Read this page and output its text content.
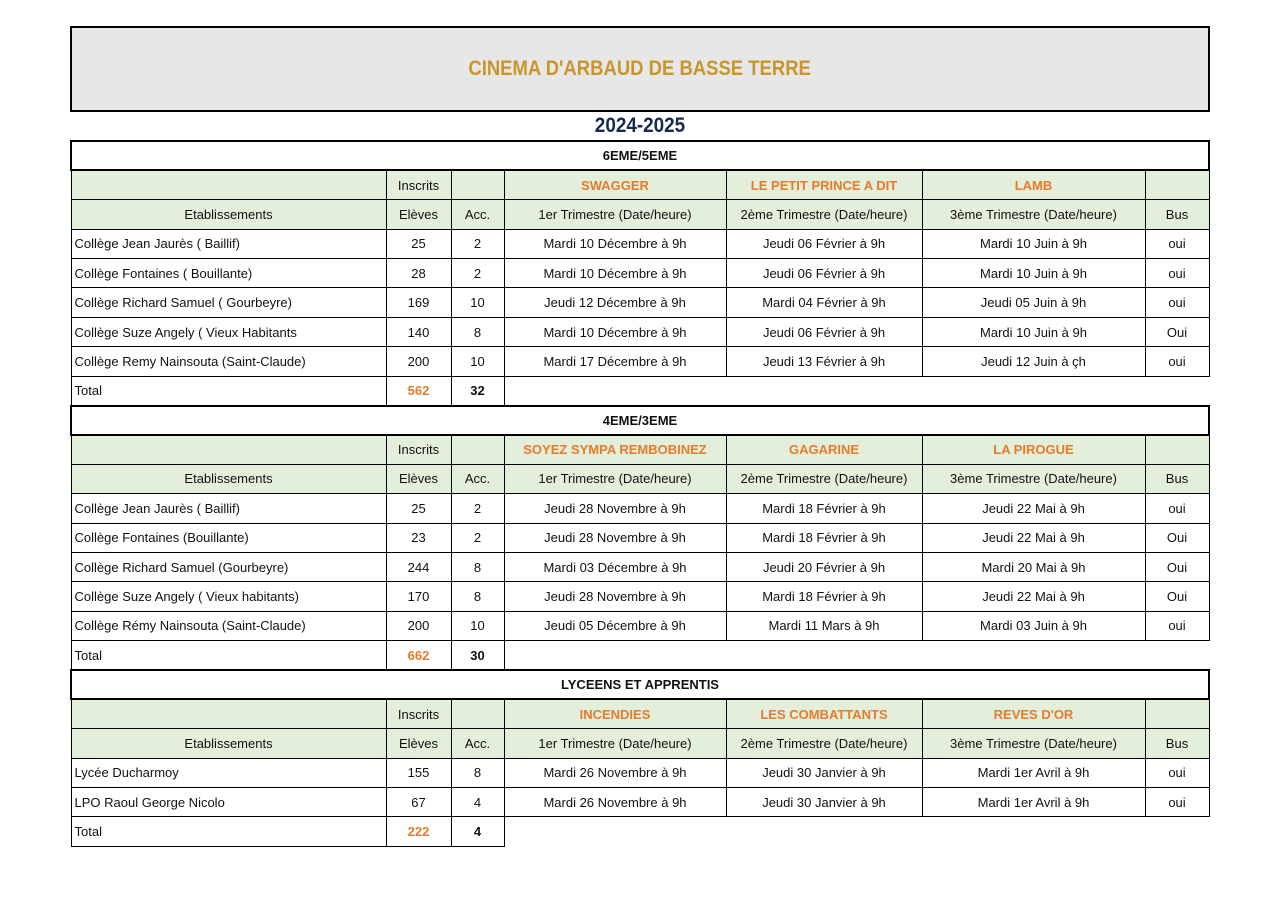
CINEMA D'ARBAUD DE BASSE TERRE
2024-2025
6EME/5EME						
	Inscrits		SWAGGER	LE PETIT PRINCE A DIT	LAMB	
Etablissements	Elèves	Acc.	1er Trimestre (Date/heure)	2ème Trimestre (Date/heure)	3ème Trimestre (Date/heure)	Bus
Collège Jean Jaurès ( Baillif)	25	2	Mardi 10 Décembre à 9h	Jeudi 06 Février à 9h	Mardi 10 Juin à 9h	oui
Collège Fontaines ( Bouillante)	28	2	Mardi 10 Décembre à 9h	Jeudi 06 Février à 9h	Mardi 10 Juin à 9h	oui
Collège Richard Samuel ( Gourbeyre)	169	10	Jeudi 12 Décembre à 9h	Mardi 04 Février à 9h	Jeudi 05 Juin à 9h	oui
Collège Suze Angely ( Vieux Habitants	140	8	Mardi 10 Décembre à 9h	Jeudi 06 Février à 9h	Mardi 10 Juin à 9h	Oui
Collège Remy Nainsouta (Saint-Claude)	200	10	Mardi 17 Décembre à 9h	Jeudi 13 Février à 9h	Jeudi 12 Juin à çh	oui
Total	562	32				
4EME/3EME						
	Inscrits		SOYEZ SYMPA REMBOBINEZ	GAGARINE	LA PIROGUE	
Etablissements	Elèves	Acc.	1er Trimestre (Date/heure)	2ème Trimestre (Date/heure)	3ème Trimestre (Date/heure)	Bus
Collège Jean Jaurès ( Baillif)	25	2	Jeudi 28 Novembre à 9h	Mardi 18 Février à 9h	Jeudi 22 Mai à 9h	oui
Collège Fontaines (Bouillante)	23	2	Jeudi 28 Novembre à 9h	Mardi 18 Février à 9h	Jeudi 22 Mai à 9h	Oui
Collège Richard Samuel (Gourbeyre)	244	8	Mardi 03 Décembre à 9h	Jeudi 20 Février à 9h	Mardi 20 Mai à 9h	Oui
Collège Suze Angely ( Vieux habitants)	170	8	Jeudi 28 Novembre à 9h	Mardi 18 Février à 9h	Jeudi 22 Mai à 9h	Oui
Collège Rémy Nainsouta (Saint-Claude)	200	10	Jeudi 05 Décembre à 9h	Mardi 11 Mars à 9h	Mardi 03 Juin à 9h	oui
Total	662	30				
LYCEENS ET APPRENTIS						
	Inscrits		INCENDIES	LES COMBATTANTS	REVES D'OR	
Etablissements	Elèves	Acc.	1er Trimestre (Date/heure)	2ème Trimestre (Date/heure)	3ème Trimestre (Date/heure)	Bus
Lycée Ducharmoy	155	8	Mardi 26 Novembre à 9h	Jeudi 30 Janvier à 9h	Mardi 1er Avril à 9h	oui
LPO Raoul George Nicolo	67	4	Mardi 26 Novembre à 9h	Jeudi 30 Janvier à 9h	Mardi 1er Avril à 9h	oui
Total	222	4				
